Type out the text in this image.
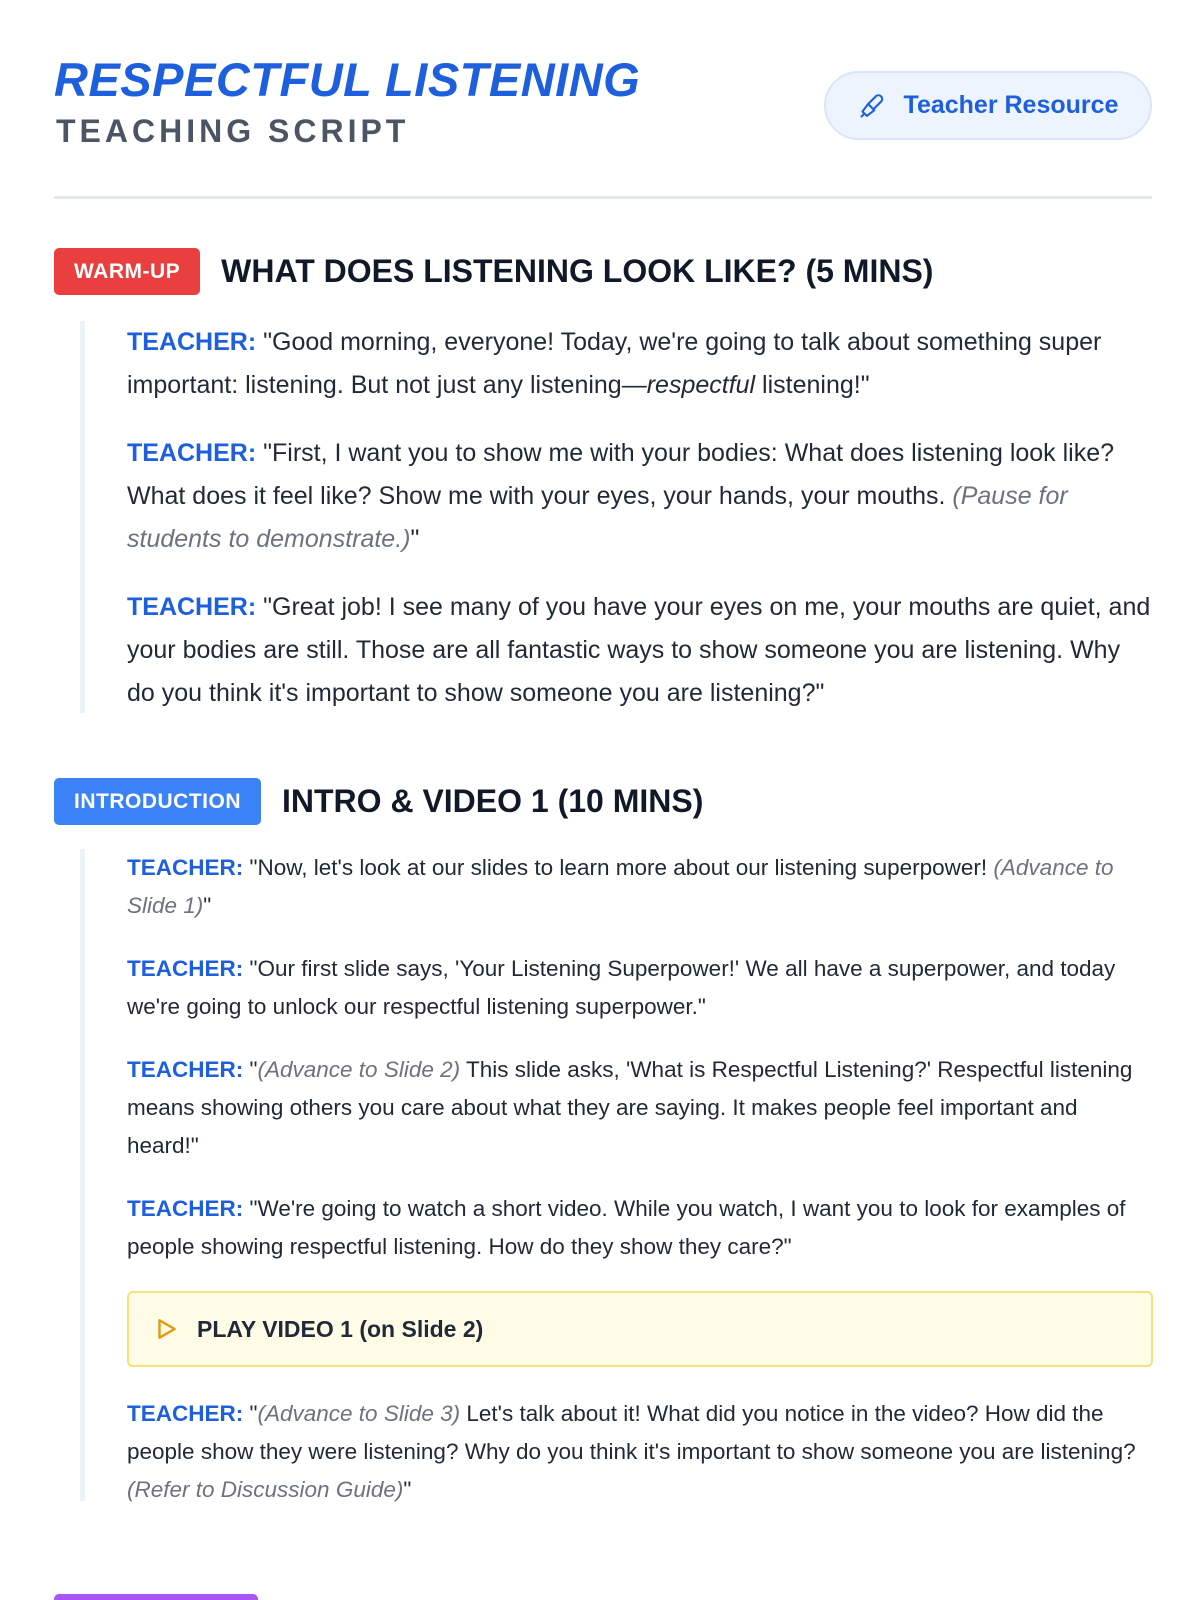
RESPECTFUL LISTENING
TEACHING SCRIPT
Teacher Resource
WARM-UP	WHAT DOES LISTENING LOOK LIKE? (5 MINS)

TEACHER: "Good morning, everyone! Today, we're going to talk about something super important: listening. But not just any listening—respectful listening!"

TEACHER: "First, I want you to show me with your bodies: What does listening look like? What does it feel like? Show me with your eyes, your hands, your mouths. (Pause for students to demonstrate.)"

TEACHER: "Great job! I see many of you have your eyes on me, your mouths are quiet, and your bodies are still. Those are all fantastic ways to show someone you are listening. Why do you think it's important to show someone you are listening?"

INTRODUCTION	INTRO & VIDEO 1 (10 MINS)

TEACHER: "Now, let's look at our slides to learn more about our listening superpower! (Advance to Slide 1)"

TEACHER: "Our first slide says, 'Your Listening Superpower!' We all have a superpower, and today we're going to unlock our respectful listening superpower."

TEACHER: "(Advance to Slide 2) This slide asks, 'What is Respectful Listening?' Respectful listening means showing others you care about what they are saying. It makes people feel important and heard!"

TEACHER: "We're going to watch a short video. While you watch, I want you to look for examples of people showing respectful listening. How do they show they care?"

PLAY VIDEO 1 (on Slide 2)

TEACHER: "(Advance to Slide 3) Let's talk about it! What did you notice in the video? How did the people show they were listening? Why do you think it's important to show someone you are listening? (Refer to Discussion Guide)"
